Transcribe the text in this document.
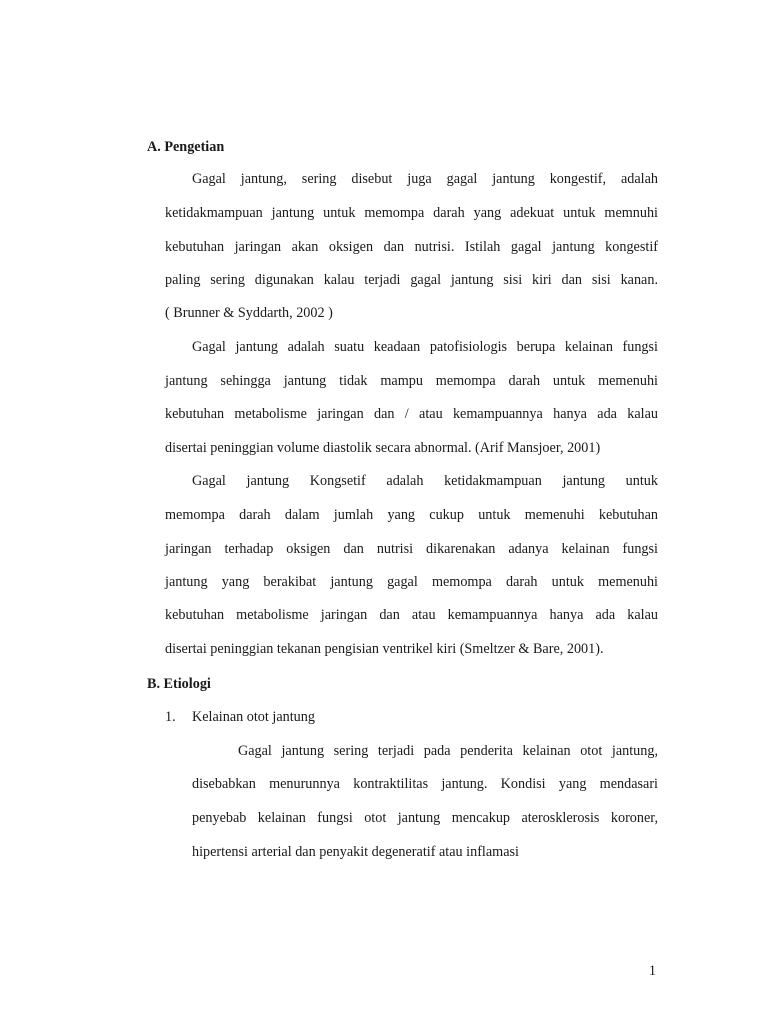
A. Pengetian
Gagal jantung, sering disebut juga gagal jantung kongestif, adalah
ketidakmampuan jantung untuk memompa darah yang adekuat untuk memnuhi
kebutuhan jaringan akan oksigen dan nutrisi. Istilah gagal jantung kongestif
paling sering digunakan kalau terjadi gagal jantung sisi kiri dan sisi kanan.
( Brunner & Syddarth, 2002 )
Gagal jantung adalah suatu keadaan patofisiologis berupa kelainan fungsi
jantung sehingga jantung tidak mampu memompa darah untuk memenuhi
kebutuhan metabolisme jaringan dan / atau kemampuannya hanya ada kalau
disertai peninggian volume diastolik secara abnormal. (Arif Mansjoer, 2001)
Gagal jantung Kongsetif adalah ketidakmampuan jantung untuk
memompa darah dalam jumlah yang cukup untuk memenuhi kebutuhan
jaringan terhadap oksigen dan nutrisi dikarenakan adanya kelainan fungsi
jantung yang berakibat jantung gagal memompa darah untuk memenuhi
kebutuhan metabolisme jaringan dan atau kemampuannya hanya ada kalau
disertai peninggian tekanan pengisian ventrikel kiri (Smeltzer & Bare, 2001).
B. Etiologi
1. Kelainan otot jantung
Gagal jantung sering terjadi pada penderita kelainan otot jantung,
disebabkan menurunnya kontraktilitas jantung. Kondisi yang mendasari
penyebab kelainan fungsi otot jantung mencakup aterosklerosis koroner,
hipertensi arterial dan penyakit degeneratif atau inflamasi
1
